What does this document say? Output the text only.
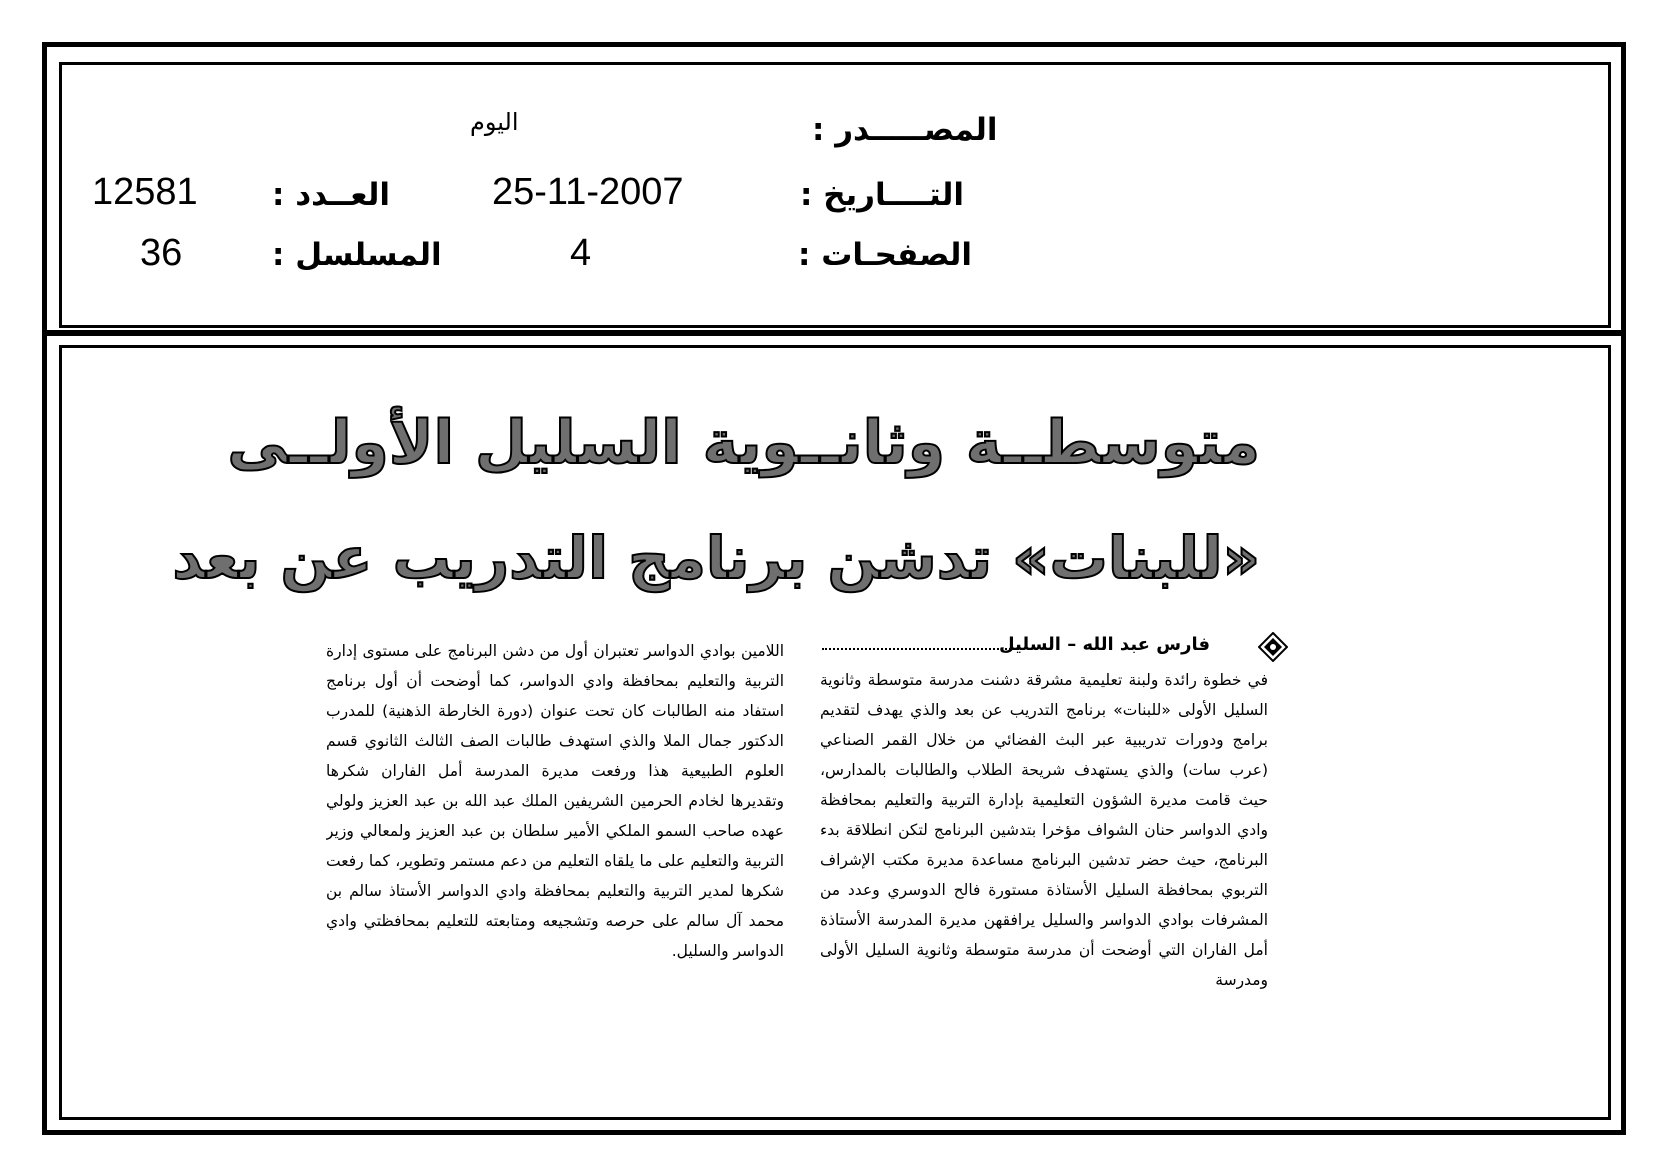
المصـــــدر :
اليوم
التــــاريخ :
25-11-2007
العــدد :
12581
الصفحـات :
4
المسلسل :
36
متوسطــة وثانــوية السليل الأولــى
«للبنات» تدشن برنامج التدريب عن بعد
فارس عبد الله – السليل

في خطوة رائدة ولبنة تعليمية مشرقة دشنت مدرسة متوسطة وثانوية السليل الأولى «للبنات» برنامج التدريب عن بعد والذي يهدف لتقديم برامج ودورات تدريبية عبر البث الفضائي من خلال القمر الصناعي (عرب سات) والذي يستهدف شريحة الطلاب والطالبات بالمدارس، حيث قامت مديرة الشؤون التعليمية بإدارة التربية والتعليم بمحافظة وادي الدواسر حنان الشواف مؤخرا بتدشين البرنامج لتكن انطلاقة بدء البرنامج، حيث حضر تدشين البرنامج مساعدة مديرة مكتب الإشراف التربوي بمحافظة السليل الأستاذة مستورة فالح الدوسري وعدد من المشرفات بوادي الدواسر والسليل يرافقهن مديرة المدرسة الأستاذة أمل الفاران التي أوضحت أن مدرسة متوسطة وثانوية السليل الأولى ومدرسة

اللامين بوادي الدواسر تعتبران أول من دشن البرنامج على مستوى إدارة التربية والتعليم بمحافظة وادي الدواسر، كما أوضحت أن أول برنامج استفاد منه الطالبات كان تحت عنوان (دورة الخارطة الذهنية) للمدرب الدكتور جمال الملا والذي استهدف طالبات الصف الثالث الثانوي قسم العلوم الطبيعية هذا ورفعت مديرة المدرسة أمل الفاران شكرها وتقديرها لخادم الحرمين الشريفين الملك عبد الله بن عبد العزيز ولولي عهده صاحب السمو الملكي الأمير سلطان بن عبد العزيز ولمعالي وزير التربية والتعليم على ما يلقاه التعليم من دعم مستمر وتطوير، كما رفعت شكرها لمدير التربية والتعليم بمحافظة وادي الدواسر الأستاذ سالم بن محمد آل سالم على حرصه وتشجيعه ومتابعته للتعليم بمحافظتي وادي الدواسر والسليل.
